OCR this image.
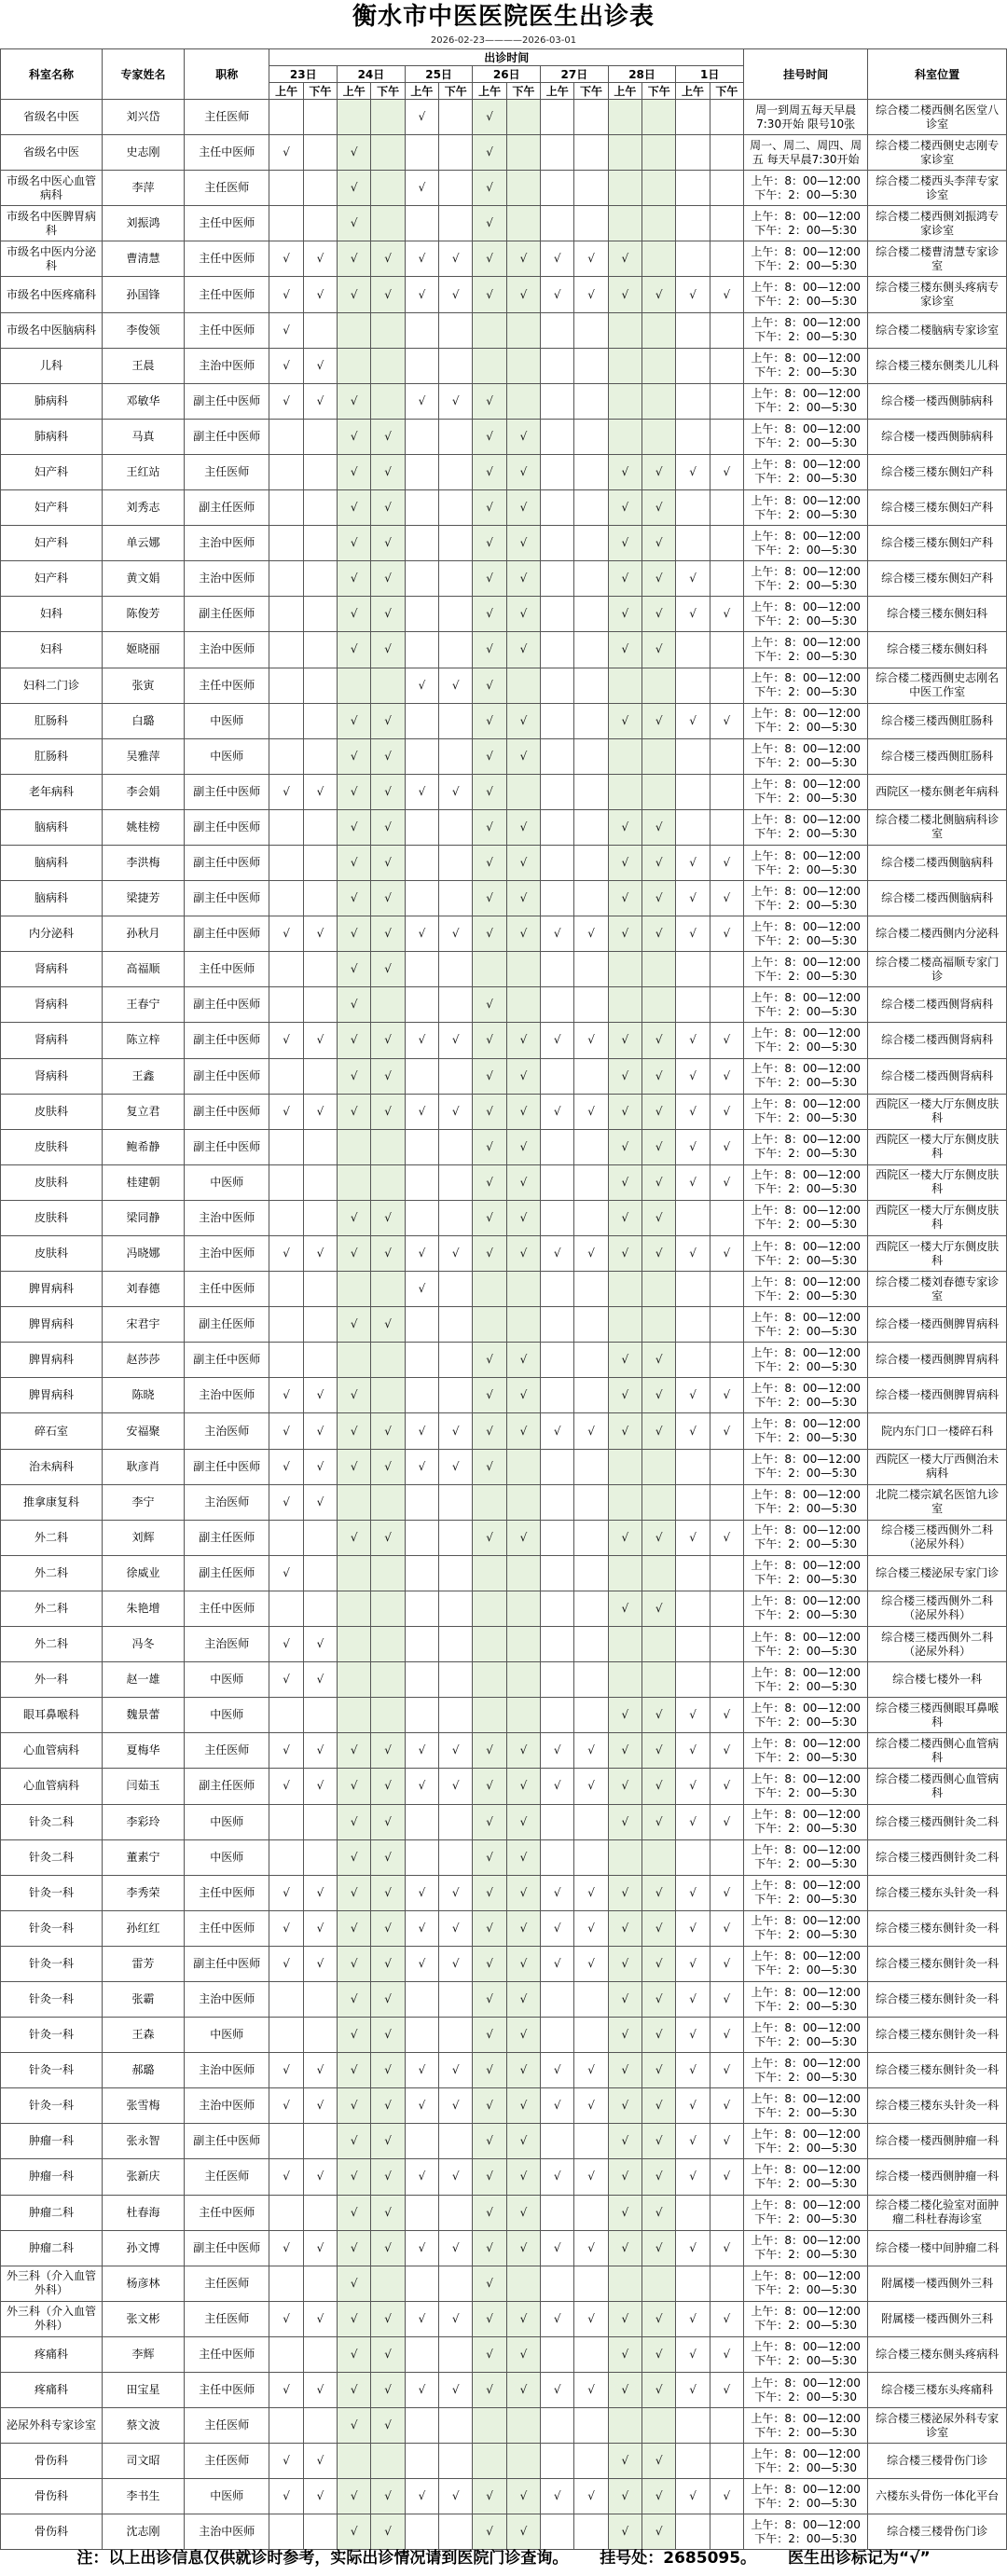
衡水市中医医院医生出诊表
2026-02-23————2026-03-01
科室名称	专家姓名	职称	出诊时间														挂号时间	科室位置
			23日		24日		25日		26日		27日		28日		1日			
			上午	下午	上午	下午	上午	下午	上午	下午	上午	下午	上午	下午	上午	下午		
省级名中医	刘兴岱	主任医师					√		√								周一到周五每天早晨7:30开始 限号10张	综合楼二楼西侧名医堂八诊室
省级名中医	史志刚	主任中医师	√		√				√								周一、周二、周四、周五 每天早晨7:30开始	综合楼二楼西侧史志刚专家诊室
市级名中医心血管病科	李萍	主任医师			√		√		√								上午：8：00—12:00 下午：2：00—5:30	综合楼二楼西头李萍专家诊室
市级名中医脾胃病科	刘振鸿	主任中医师			√				√								上午：8：00—12:00 下午：2：00—5:30	综合楼二楼西侧刘振鸿专家诊室
市级名中医内分泌科	曹清慧	主任中医师	√	√	√	√	√	√	√	√	√	√	√				上午：8：00—12:00 下午：2：00—5:30	综合楼二楼曹清慧专家诊室
市级名中医疼痛科	孙国锋	主任中医师	√	√	√	√	√	√	√	√	√	√	√	√	√	√	上午：8：00—12:00 下午：2：00—5:30	综合楼三楼东侧头疼病专家诊室
市级名中医脑病科	李俊领	主任中医师	√														上午：8：00—12:00 下午：2：00—5:30	综合楼二楼脑病专家诊室
儿科	王晨	主治中医师	√	√													上午：8：00—12:00 下午：2：00—5:30	综合楼三楼东侧类儿儿科
肺病科	邓敏华	副主任中医师	√	√	√		√	√	√								上午：8：00—12:00 下午：2：00—5:30	综合楼一楼西侧肺病科
肺病科	马真	副主任中医师			√	√			√	√							上午：8：00—12:00 下午：2：00—5:30	综合楼一楼西侧肺病科
妇产科	王红站	主任医师			√	√			√	√			√	√	√	√	上午：8：00—12:00 下午：2：00—5:30	综合楼三楼东侧妇产科
妇产科	刘秀志	副主任医师			√	√			√	√			√	√			上午：8：00—12:00 下午：2：00—5:30	综合楼三楼东侧妇产科
妇产科	单云娜	主治中医师			√	√			√	√			√	√			上午：8：00—12:00 下午：2：00—5:30	综合楼三楼东侧妇产科
妇产科	黄文娟	主治中医师			√	√			√	√			√	√	√		上午：8：00—12:00 下午：2：00—5:30	综合楼三楼东侧妇产科
妇科	陈俊芳	副主任医师			√	√			√	√			√	√	√	√	上午：8：00—12:00 下午：2：00—5:30	综合楼三楼东侧妇科
妇科	姬晓丽	主治中医师			√	√			√	√			√	√			上午：8：00—12:00 下午：2：00—5:30	综合楼三楼东侧妇科
妇科二门诊	张寅	主任中医师					√	√	√								上午：8：00—12:00 下午：2：00—5:30	综合楼二楼西侧史志刚名中医工作室
肛肠科	白璐	中医师			√	√			√	√			√	√	√	√	上午：8：00—12:00 下午：2：00—5:30	综合楼三楼西侧肛肠科
肛肠科	吴雅萍	中医师			√	√			√	√							上午：8：00—12:00 下午：2：00—5:30	综合楼三楼西侧肛肠科
老年病科	李会娟	副主任中医师	√	√	√	√	√	√	√								上午：8：00—12:00 下午：2：00—5:30	西院区一楼东侧老年病科
脑病科	姚桂榜	副主任中医师			√	√			√	√			√	√			上午：8：00—12:00 下午：2：00—5:30	综合楼二楼北侧脑病科诊室
脑病科	李洪梅	副主任中医师			√	√			√	√			√	√	√	√	上午：8：00—12:00 下午：2：00—5:30	综合楼二楼西侧脑病科
脑病科	梁捷芳	副主任中医师			√	√			√	√			√	√	√	√	上午：8：00—12:00 下午：2：00—5:30	综合楼二楼西侧脑病科
内分泌科	孙秋月	副主任中医师	√	√	√	√	√	√	√	√	√	√	√	√	√	√	上午：8：00—12:00 下午：2：00—5:30	综合楼二楼西侧内分泌科
肾病科	高福顺	主任中医师			√	√											上午：8：00—12:00 下午：2：00—5:30	综合楼二楼高福顺专家门诊
肾病科	王春宁	副主任中医师			√				√								上午：8：00—12:00 下午：2：00—5:30	综合楼二楼西侧肾病科
肾病科	陈立梓	副主任中医师	√	√	√	√	√	√	√	√	√	√	√	√	√	√	上午：8：00—12:00 下午：2：00—5:30	综合楼二楼西侧肾病科
肾病科	王鑫	副主任中医师			√	√			√	√			√	√	√	√	上午：8：00—12:00 下午：2：00—5:30	综合楼二楼西侧肾病科
皮肤科	复立君	副主任中医师	√	√	√	√	√	√	√	√	√	√	√	√	√	√	上午：8：00—12:00 下午：2：00—5:30	西院区一楼大厅东侧皮肤科
皮肤科	鲍希静	副主任中医师							√	√			√	√	√	√	上午：8：00—12:00 下午：2：00—5:30	西院区一楼大厅东侧皮肤科
皮肤科	桂建朝	中医师							√	√			√	√	√	√	上午：8：00—12:00 下午：2：00—5:30	西院区一楼大厅东侧皮肤科
皮肤科	梁同静	主治中医师			√	√			√	√			√	√			上午：8：00—12:00 下午：2：00—5:30	西院区一楼大厅东侧皮肤科
皮肤科	冯晓娜	主治中医师	√	√	√	√	√	√	√	√	√	√	√	√	√	√	上午：8：00—12:00 下午：2：00—5:30	西院区一楼大厅东侧皮肤科
脾胃病科	刘春德	主任中医师					√										上午：8：00—12:00 下午：2：00—5:30	综合楼二楼刘春德专家诊室
脾胃病科	宋君宇	副主任医师			√	√											上午：8：00—12:00 下午：2：00—5:30	综合楼一楼西侧脾胃病科
脾胃病科	赵莎莎	副主任中医师							√	√			√	√			上午：8：00—12:00 下午：2：00—5:30	综合楼一楼西侧脾胃病科
脾胃病科	陈晓	主治中医师	√	√	√				√	√			√	√	√	√	上午：8：00—12:00 下午：2：00—5:30	综合楼一楼西侧脾胃病科
碎石室	安福聚	主治医师	√	√	√	√	√	√	√	√	√	√	√	√	√	√	上午：8：00—12:00 下午：2：00—5:30	院内东门口一楼碎石科
治未病科	耿彦肖	副主任中医师	√	√	√	√	√	√	√								上午：8：00—12:00 下午：2：00—5:30	西院区一楼大厅西侧治未病科
推拿康复科	李宁	主治医师	√	√													上午：8：00—12:00 下午：2：00—5:30	北院二楼宗斌名医馆九诊室
外二科	刘辉	副主任医师			√	√			√	√			√	√	√	√	上午：8：00—12:00 下午：2：00—5:30	综合楼三楼西侧外二科（泌尿外科）
外二科	徐威业	副主任医师	√														上午：8：00—12:00 下午：2：00—5:30	综合楼三楼泌尿专家门诊
外二科	朱艳增	主任中医师											√	√			上午：8：00—12:00 下午：2：00—5:30	综合楼三楼西侧外二科（泌尿外科）
外二科	冯冬	主治医师	√	√													上午：8：00—12:00 下午：2：00—5:30	综合楼三楼西侧外二科（泌尿外科）
外一科	赵一雄	中医师	√	√													上午：8：00—12:00 下午：2：00—5:30	综合楼七楼外一科
眼耳鼻喉科	魏景蕾	中医师											√	√	√	√	上午：8：00—12:00 下午：2：00—5:30	综合楼三楼西侧眼耳鼻喉科
心血管病科	夏梅华	主任医师	√	√	√	√	√	√	√	√	√	√	√	√	√	√	上午：8：00—12:00 下午：2：00—5:30	综合楼二楼西侧心血管病科
心血管病科	闫茹玉	副主任医师	√	√	√	√	√	√	√	√	√	√	√	√	√	√	上午：8：00—12:00 下午：2：00—5:30	综合楼二楼西侧心血管病科
针灸二科	李彩玲	中医师			√	√			√	√			√	√	√	√	上午：8：00—12:00 下午：2：00—5:30	综合楼三楼西侧针灸二科
针灸二科	董素宁	中医师			√	√			√	√							上午：8：00—12:00 下午：2：00—5:30	综合楼三楼西侧针灸二科
针灸一科	李秀荣	主任中医师	√	√	√	√	√	√	√	√	√	√	√	√	√	√	上午：8：00—12:00 下午：2：00—5:30	综合楼三楼东头针灸一科
针灸一科	孙红红	主任中医师	√	√	√	√	√	√	√	√	√	√	√	√	√	√	上午：8：00—12:00 下午：2：00—5:30	综合楼三楼东侧针灸一科
针灸一科	雷芳	副主任中医师	√	√	√	√	√	√	√	√	√	√	√	√	√	√	上午：8：00—12:00 下午：2：00—5:30	综合楼三楼东侧针灸一科
针灸一科	张霸	主治中医师			√	√			√	√			√	√	√	√	上午：8：00—12:00 下午：2：00—5:30	综合楼三楼东侧针灸一科
针灸一科	王森	中医师			√	√			√	√			√	√	√	√	上午：8：00—12:00 下午：2：00—5:30	综合楼三楼东侧针灸一科
针灸一科	郝璐	主治中医师	√	√	√	√	√	√	√	√	√	√	√	√	√	√	上午：8：00—12:00 下午：2：00—5:30	综合楼三楼东侧针灸一科
针灸一科	张雪梅	主治中医师	√	√	√	√	√	√	√	√	√	√	√	√	√	√	上午：8：00—12:00 下午：2：00—5:30	综合楼三楼东头针灸一科
肿瘤一科	张永智	副主任中医师			√	√			√	√			√	√	√	√	上午：8：00—12:00 下午：2：00—5:30	综合楼一楼西侧肿瘤一科
肿瘤一科	张新庆	主任医师	√	√	√	√	√	√	√	√	√	√	√	√	√	√	上午：8：00—12:00 下午：2：00—5:30	综合楼一楼西侧肿瘤一科
肿瘤二科	杜春海	主任中医师			√	√			√	√			√	√			上午：8：00—12:00 下午：2：00—5:30	综合楼二楼化验室对面肿瘤二科杜春海诊室
肿瘤二科	孙文博	副主任中医师	√	√	√	√	√	√	√	√	√	√	√	√	√	√	上午：8：00—12:00 下午：2：00—5:30	综合楼一楼中间肿瘤二科
外三科（介入血管外科）	杨彦林	主任医师			√				√								上午：8：00—12:00 下午：2：00—5:30	附属楼一楼西侧外三科
外三科（介入血管外科）	张文彬	主任医师	√	√	√	√	√	√	√	√	√	√	√	√	√	√	上午：8：00—12:00 下午：2：00—5:30	附属楼一楼西侧外三科
疼痛科	李辉	主任中医师			√	√			√	√			√	√	√	√	上午：8：00—12:00 下午：2：00—5:30	综合楼三楼东侧头疼病科
疼痛科	田宝星	主任中医师	√	√	√	√	√	√	√	√	√	√	√	√	√	√	上午：8：00—12:00 下午：2：00—5:30	综合楼三楼东头疼痛科
泌尿外科专家诊室	蔡文波	主任医师			√	√											上午：8：00—12:00 下午：2：00—5:30	综合楼三楼泌尿外科专家诊室
骨伤科	司文昭	主任医师	√	√									√	√			上午：8：00—12:00 下午：2：00—5:30	综合楼三楼骨伤门诊
骨伤科	李书生	中医师	√	√	√	√	√	√	√	√	√	√	√	√	√	√	上午：8：00—12:00 下午：2：00—5:30	六楼东头骨伤一体化平台
骨伤科	沈志刚	主治中医师			√	√			√	√			√	√			上午：8：00—12:00 下午：2：00—5:30	综合楼三楼骨伤门诊
注：以上出诊信息仅供就诊时参考，实际出诊情况请到医院门诊查询。 挂号处：2685095。 医生出诊标记为“√”
